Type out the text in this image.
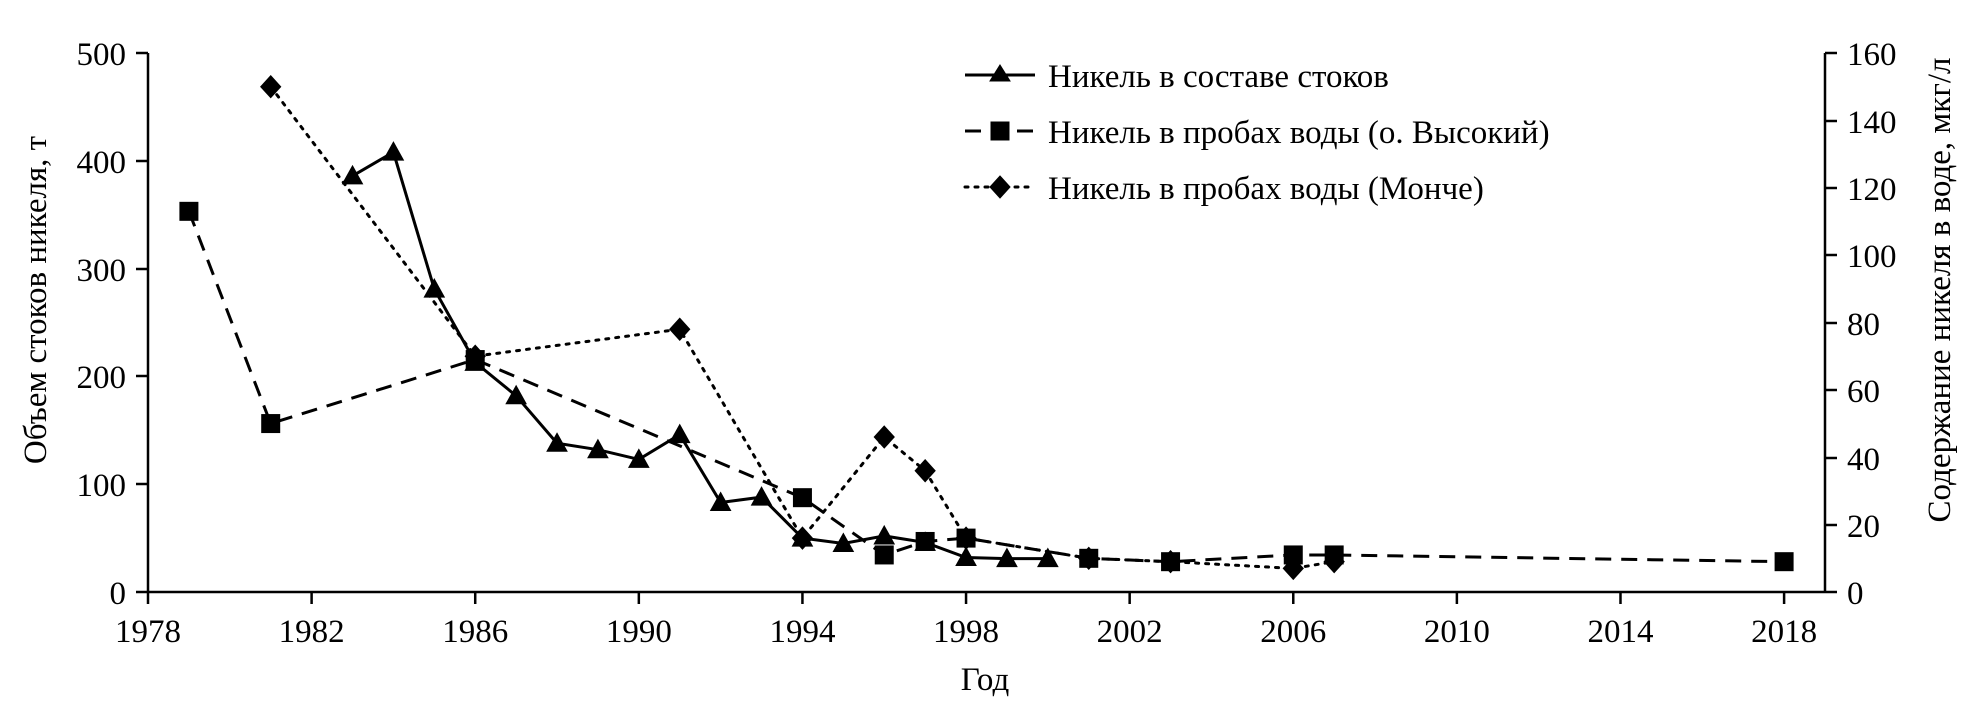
Объем стоков никеля, т	Содержание никеля в воде, мкг/л
Год
0
100
200
300
400
500
0
20
40
60
80
100
120
140
160
1978	1982	1986	1990	1994	1998	2002	2006	2010	2014	2018
Никель в составе стоков
Никель в пробах воды (о. Высокий)
Никель в пробах воды (Монче)
